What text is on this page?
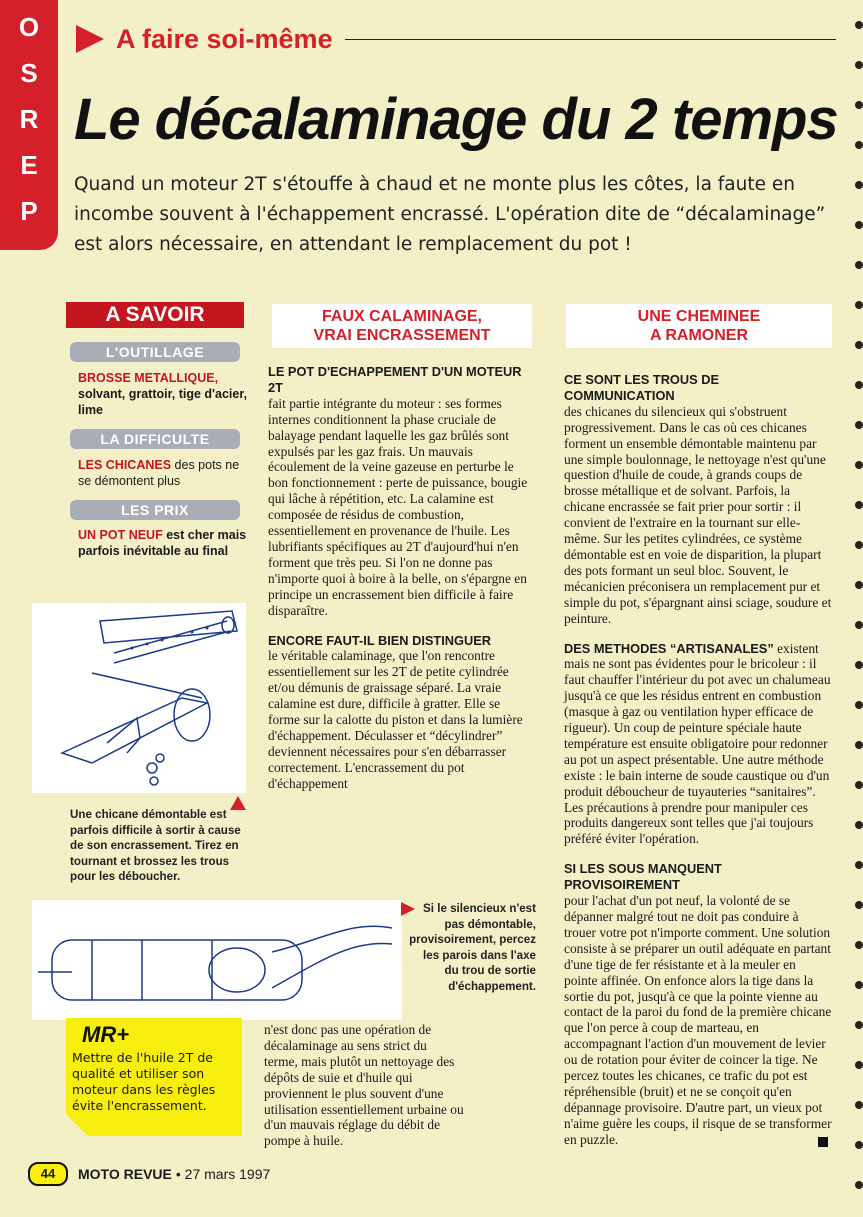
O
S
R
E
P
A faire soi-même
Le décalaminage du 2 temps
Quand un moteur 2T s'étouffe à chaud et ne monte plus les côtes, la faute en incombe souvent à l'échappement encrassé. L'opération dite de “décalaminage” est alors nécessaire, en attendant le remplacement du pot !
A SAVOIR
L'OUTILLAGE
BROSSE METALLIQUE,
solvant, grattoir, tige d'acier, lime
LA DIFFICULTE
LES CHICANES des pots ne se démontent plus
LES PRIX
UN POT NEUF est cher mais parfois inévitable au final
Une chicane démontable est parfois difficile à sortir à cause de son encrassement. Tirez en tournant et brossez les trous pour les déboucher.
Si le silencieux n'est pas démontable, provisoirement, percez les parois dans l'axe du trou de sortie d'échappement.
MR+
Mettre de l'huile 2T de qualité et utiliser son moteur dans les règles évite l'encrassement.
FAUX CALAMINAGE,
VRAI ENCRASSEMENT

LE POT D'ECHAPPEMENT D'UN MOTEUR 2T
fait partie intégrante du moteur : ses formes internes conditionnent la phase cruciale de balayage pendant laquelle les gaz brûlés sont expulsés par les gaz frais. Un mauvais écoulement de la veine gazeuse en perturbe le bon fonctionnement : perte de puissance, bougie qui lâche à répétition, etc. La calamine est composée de résidus de combustion, essentiellement en provenance de l'huile. Les lubrifiants spécifiques au 2T d'aujourd'hui n'en forment que très peu. Si l'on ne donne pas n'importe quoi à boire à la belle, on s'épargne en principe un encrassement bien difficile à faire disparaître.

ENCORE FAUT-IL BIEN DISTINGUER
le véritable calaminage, que l'on rencontre essentiellement sur les 2T de petite cylindrée et/ou démunis de graissage séparé. La vraie calamine est dure, difficile à gratter. Elle se forme sur la calotte du piston et dans la lumière d'échappement. Déculasser et “décylindrer” deviennent nécessaires pour s'en débarrasser correctement. L'encrassement du pot d'échappement

n'est donc pas une opération de décalaminage au sens strict du terme, mais plutôt un nettoyage des dépôts de suie et d'huile qui proviennent le plus souvent d'une utilisation essentiellement urbaine ou d'un mauvais réglage du débit de pompe à huile.

UNE CHEMINEE
A RAMONER

CE SONT LES TROUS DE COMMUNICATION
des chicanes du silencieux qui s'obstruent progressivement. Dans le cas où ces chicanes forment un ensemble démontable maintenu par une simple boulonnage, le nettoyage n'est qu'une question d'huile de coude, à grands coups de brosse métallique et de solvant. Parfois, la chicane encrassée se fait prier pour sortir : il convient de l'extraire en la tournant sur elle-même. Sur les petites cylindrées, ce système démontable est en voie de disparition, la plupart des pots formant un seul bloc. Souvent, le mécanicien préconisera un remplacement pur et simple du pot, s'épargnant ainsi sciage, soudure et peinture.

DES METHODES “ARTISANALES” existent mais ne sont pas évidentes pour le bricoleur : il faut chauffer l'intérieur du pot avec un chalumeau jusqu'à ce que les résidus entrent en combustion (masque à gaz ou ventilation hyper efficace de rigueur). Un coup de peinture spéciale haute température est ensuite obligatoire pour redonner au pot un aspect présentable. Une autre méthode existe : le bain interne de soude caustique ou d'un produit déboucheur de tuyauteries “sanitaires”. Les précautions à prendre pour manipuler ces produits dangereux sont telles que j'ai toujours préféré éviter l'opération.

SI LES SOUS MANQUENT PROVISOIREMENT
pour l'achat d'un pot neuf, la volonté de se dépanner malgré tout ne doit pas conduire à trouer votre pot n'importe comment. Une solution consiste à se préparer un outil adéquate en partant d'une tige de fer résistante et à la meuler en pointe affinée. On enfonce alors la tige dans la sortie du pot, jusqu'à ce que la pointe vienne au contact de la paroi du fond de la première chicane que l'on perce à coup de marteau, en accompagnant l'action d'un mouvement de levier ou de rotation pour éviter de coincer la tige. Ne percez toutes les chicanes, ce trafic du pot est répréhensible (bruit) et ne se conçoit qu'en dépannage provisoire. D'autre part, un vieux pot n'aime guère les coups, il risque de se transformer en puzzle.

44	MOTO REVUE • 27 mars 1997
